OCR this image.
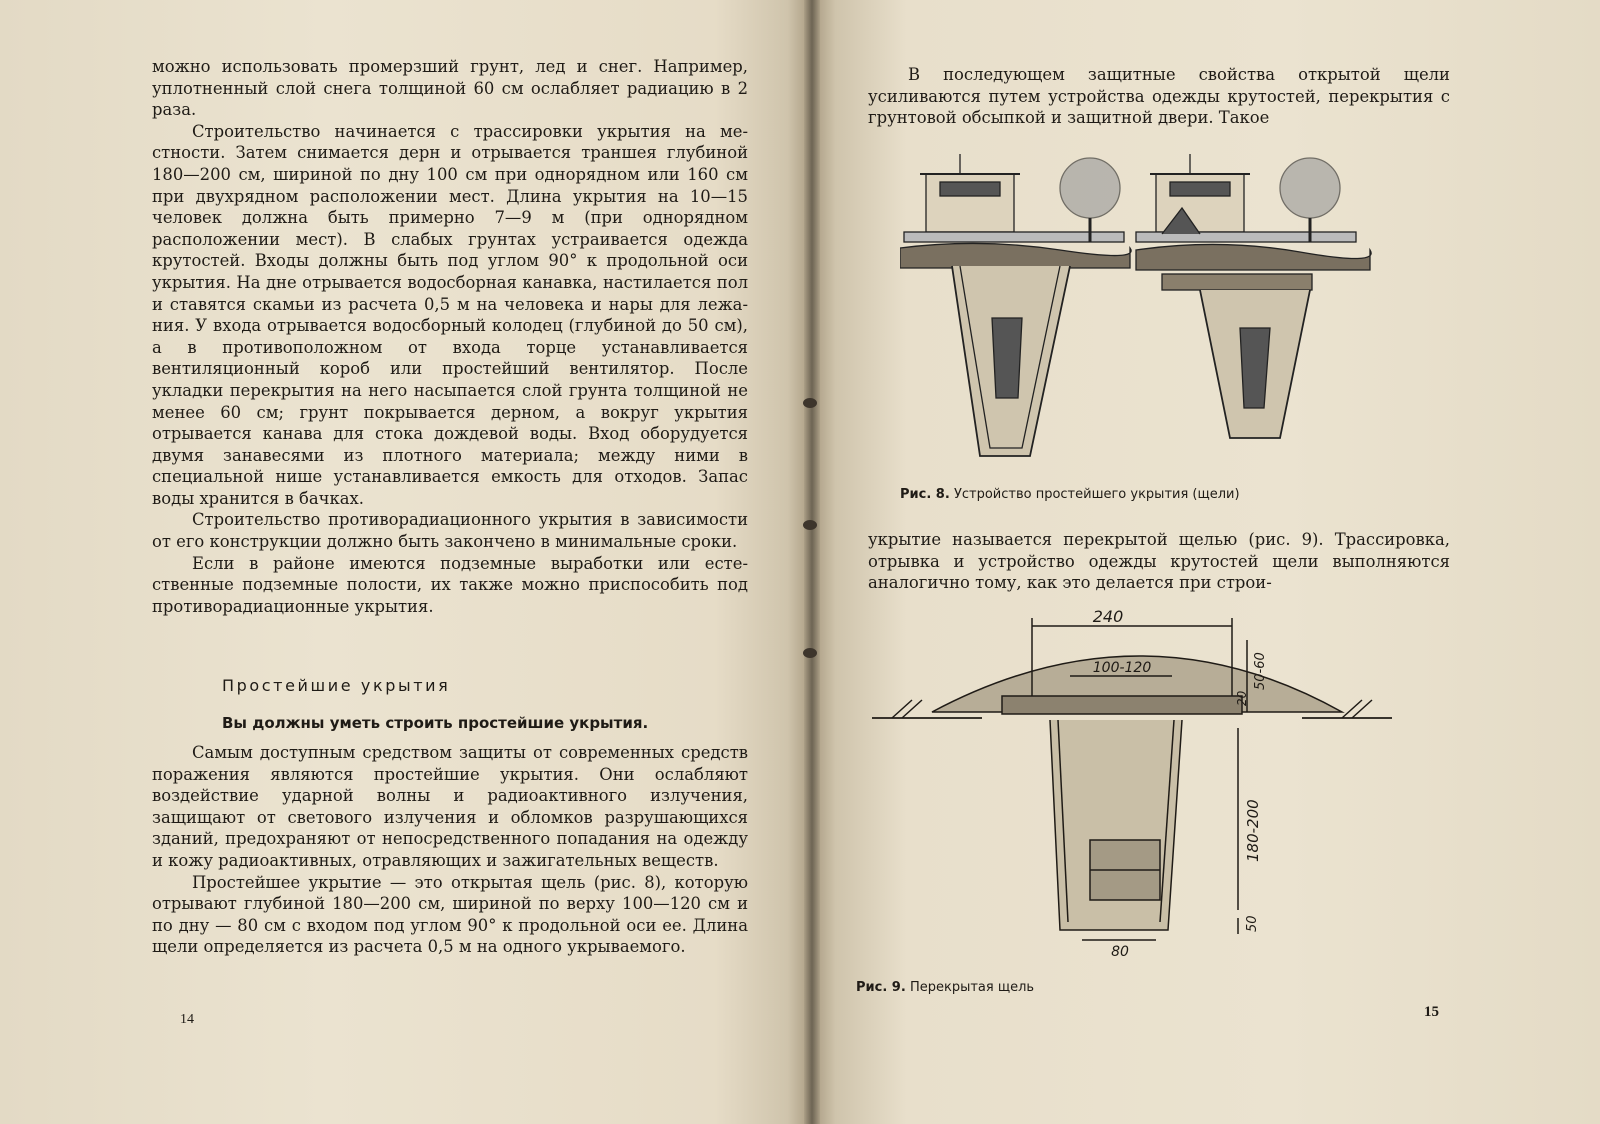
можно использовать промерзший грунт, лед и снег. Например, уплотненный слой снега толщиной 60 см ослабляет радиацию в 2 раза.

Строительство начинается с трассировки укрытия на местности. Затем снимается дерн и отрывается траншея глубиной 180—200 см, шириной по дну 100 см при однорядном или 160 см при двухрядном расположении мест. Длина укрытия на 10—15 человек должна быть примерно 7—9 м (при однорядном расположении мест). В слабых грунтах устраивается одежда крутостей. Входы должны быть под углом 90° к продольной оси укрытия. На дне отрывается водосборная канавка, настилается пол и ставятся скамьи из расчета 0,5 м на человека и нары для лежания. У входа отрывается водосборный колодец (глубиной до 50 см), а в противоположном от входа торце устанавливается вентиляционный короб или простейший вентилятор. После укладки перекрытия на него насыпается слой грунта толщиной не менее 60 см; грунт покрывается дерном, а вокруг укрытия отрывается канава для стока дождевой воды. Вход оборудуется двумя занавесями из плотного материала; между ними в специальной нише устанавливается емкость для отходов. Запас воды хранится в бачках.

Строительство противорадиационного укрытия в зависимости от его конструкции должно быть закончено в минимальные сроки.

Если в районе имеются подземные выработки или естественные подземные полости, их также можно приспособить под противорадиационные укрытия.

Простейшие укрытия
Вы должны уметь строить простейшие укрытия.

Самым доступным средством защиты от современных средств поражения являются простейшие укрытия. Они ослабляют воздействие ударной волны и радиоактивного излучения, защищают от светового излучения и обломков разрушающихся зданий, предохраняют от непосредственного попадания на одежду и кожу радиоактивных, отравляющих и зажигательных веществ.

Простейшее укрытие — это открытая щель (рис. 8), которую отрывают глубиной 180—200 см, шириной по верху 100—120 см и по дну — 80 см с входом под углом 90° к продольной оси ее. Длина щели определяется из расчета 0,5 м на одного укрываемого.

14

В последующем защитные свойства открытой щели усиливаются путем устройства одежды крутостей, перекрытия с грунтовой обсыпкой и защитной двери. Такое

Рис. 8. Устройство простейшего укрытия (щели)

укрытие называется перекрытой щелью (рис. 9). Трассировка, отрывка и устройство одежды крутостей щели выполняются аналогично тому, как это делается при строи-

240
100-120	50-60
20
180-200
50
80
Рис. 9. Перекрытая щель
15
